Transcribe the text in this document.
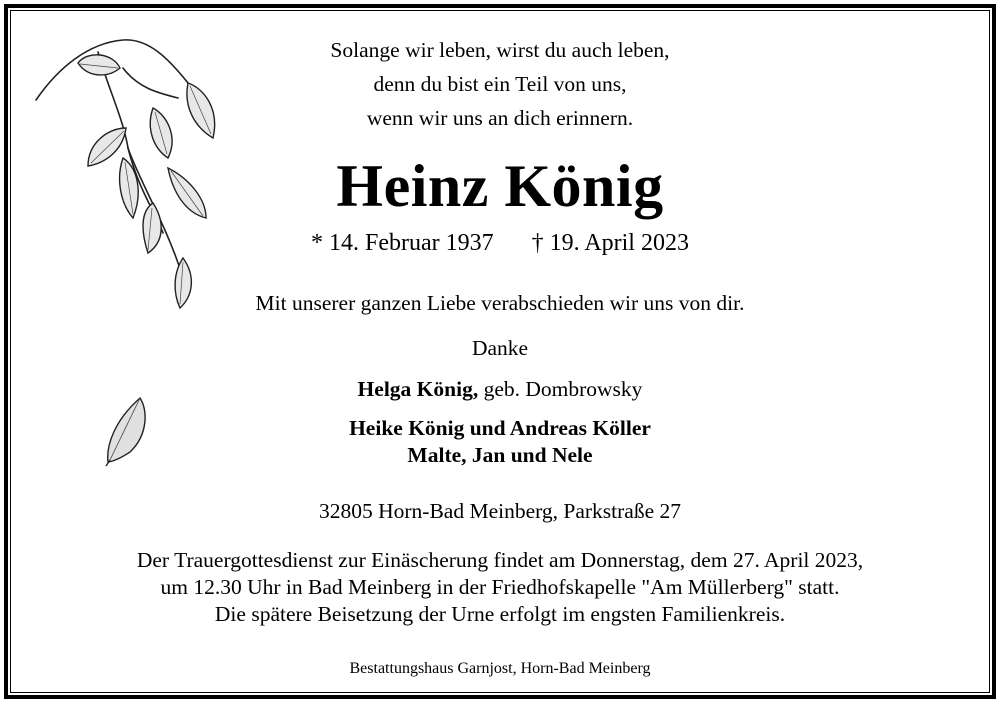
Solange wir leben, wirst du auch leben,
denn du bist ein Teil von uns,
wenn wir uns an dich erinnern.
Heinz König
* 14. Februar 1937 † 19. April 2023
Mit unserer ganzen Liebe verabschieden wir uns von dir.
Danke
Helga König, geb. Dombrowsky
Heike König und Andreas Köller
Malte, Jan und Nele
32805 Horn-Bad Meinberg, Parkstraße 27
Der Trauergottesdienst zur Einäscherung findet am Donnerstag, dem 27. April 2023,
um 12.30 Uhr in Bad Meinberg in der Friedhofskapelle "Am Müllerberg" statt.
Die spätere Beisetzung der Urne erfolgt im engsten Familienkreis.
Bestattungshaus Garnjost, Horn-Bad Meinberg
